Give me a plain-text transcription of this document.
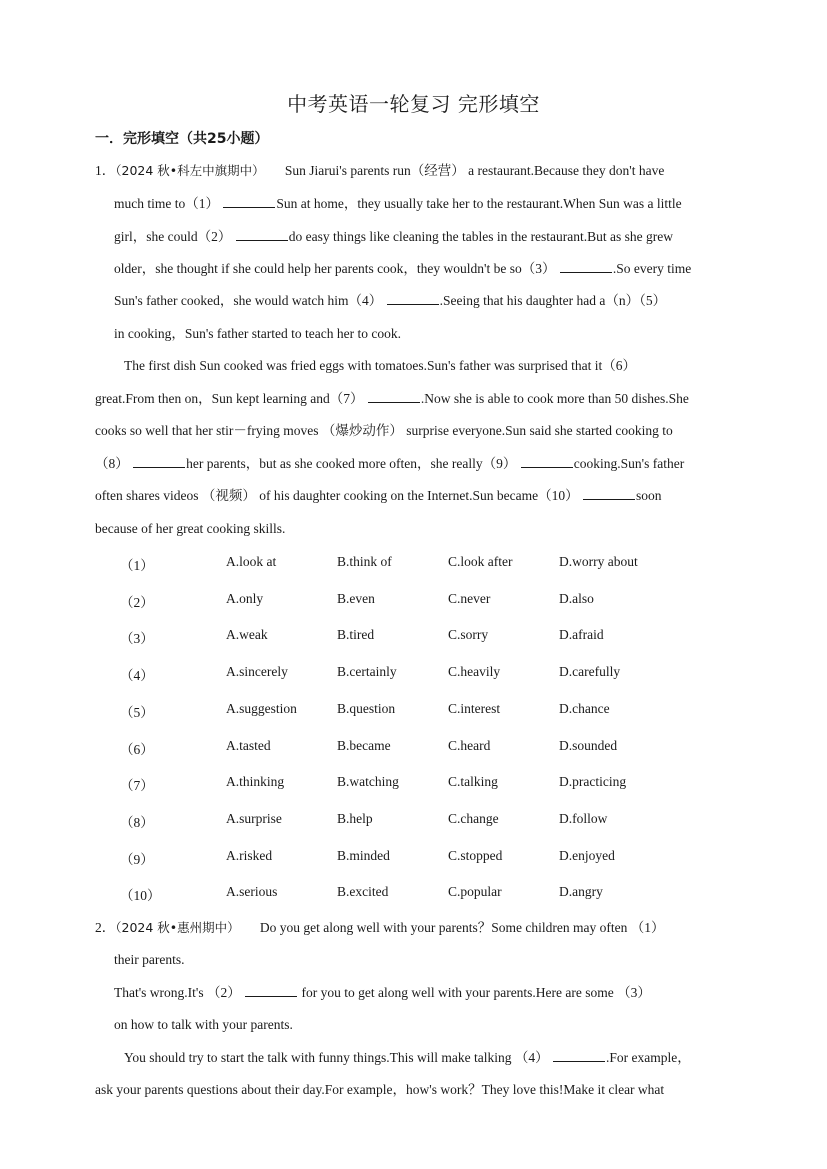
中考英语一轮复习 完形填空
一．完形填空（共25小题）
1．（2024 秋•科左中旗期中） Sun Jiarui's parents run（经营） a restaurant.Because they don't have
much time to（1）	Sun at home，they usually take her to the restaurant.When Sun was a little
girl，she could（2）	do easy things like cleaning the tables in the restaurant.But as she grew
older，she thought if she could help her parents cook，they wouldn't be so（3）	.So every time
Sun's father cooked，she would watch him（4）	.Seeing that his daughter had a（n）（5）
in cooking，Sun's father started to teach her to cook.
The first dish Sun cooked was fried eggs with tomatoes.Sun's father was surprised that it（6）
great.From then on，Sun kept learning and（7）	.Now she is able to cook more than 50 dishes.She
cooks so well that her stir－frying moves （爆炒动作） surprise everyone.Sun said she started cooking to
（8）	her parents，but as she cooked more often，she really（9）	cooking.Sun's father
often shares videos （视频） of his daughter cooking on the Internet.Sun became（10）	soon
because of her great cooking skills.
（1）	A.look at	B.think of	C.look after	D.worry about
（2）	A.only	B.even	C.never	D.also
（3）	A.weak	B.tired	C.sorry	D.afraid
（4）	A.sincerely	B.certainly	C.heavily	D.carefully
（5）	A.suggestion	B.question	C.interest	D.chance
（6）	A.tasted	B.became	C.heard	D.sounded
（7）	A.thinking	B.watching	C.talking	D.practicing
（8）	A.surprise	B.help	C.change	D.follow
（9）	A.risked	B.minded	C.stopped	D.enjoyed
（10）	A.serious	B.excited	C.popular	D.angry
2．（2024 秋•惠州期中） Do you get along well with your parents？Some children may often （1）
their parents.
That's wrong.It's （2）	for you to get along well with your parents.Here are some （3）
on how to talk with your parents.
You should try to start the talk with funny things.This will make talking （4）	.For example，
ask your parents questions about their day.For example，how's work？They love this!Make it clear what
